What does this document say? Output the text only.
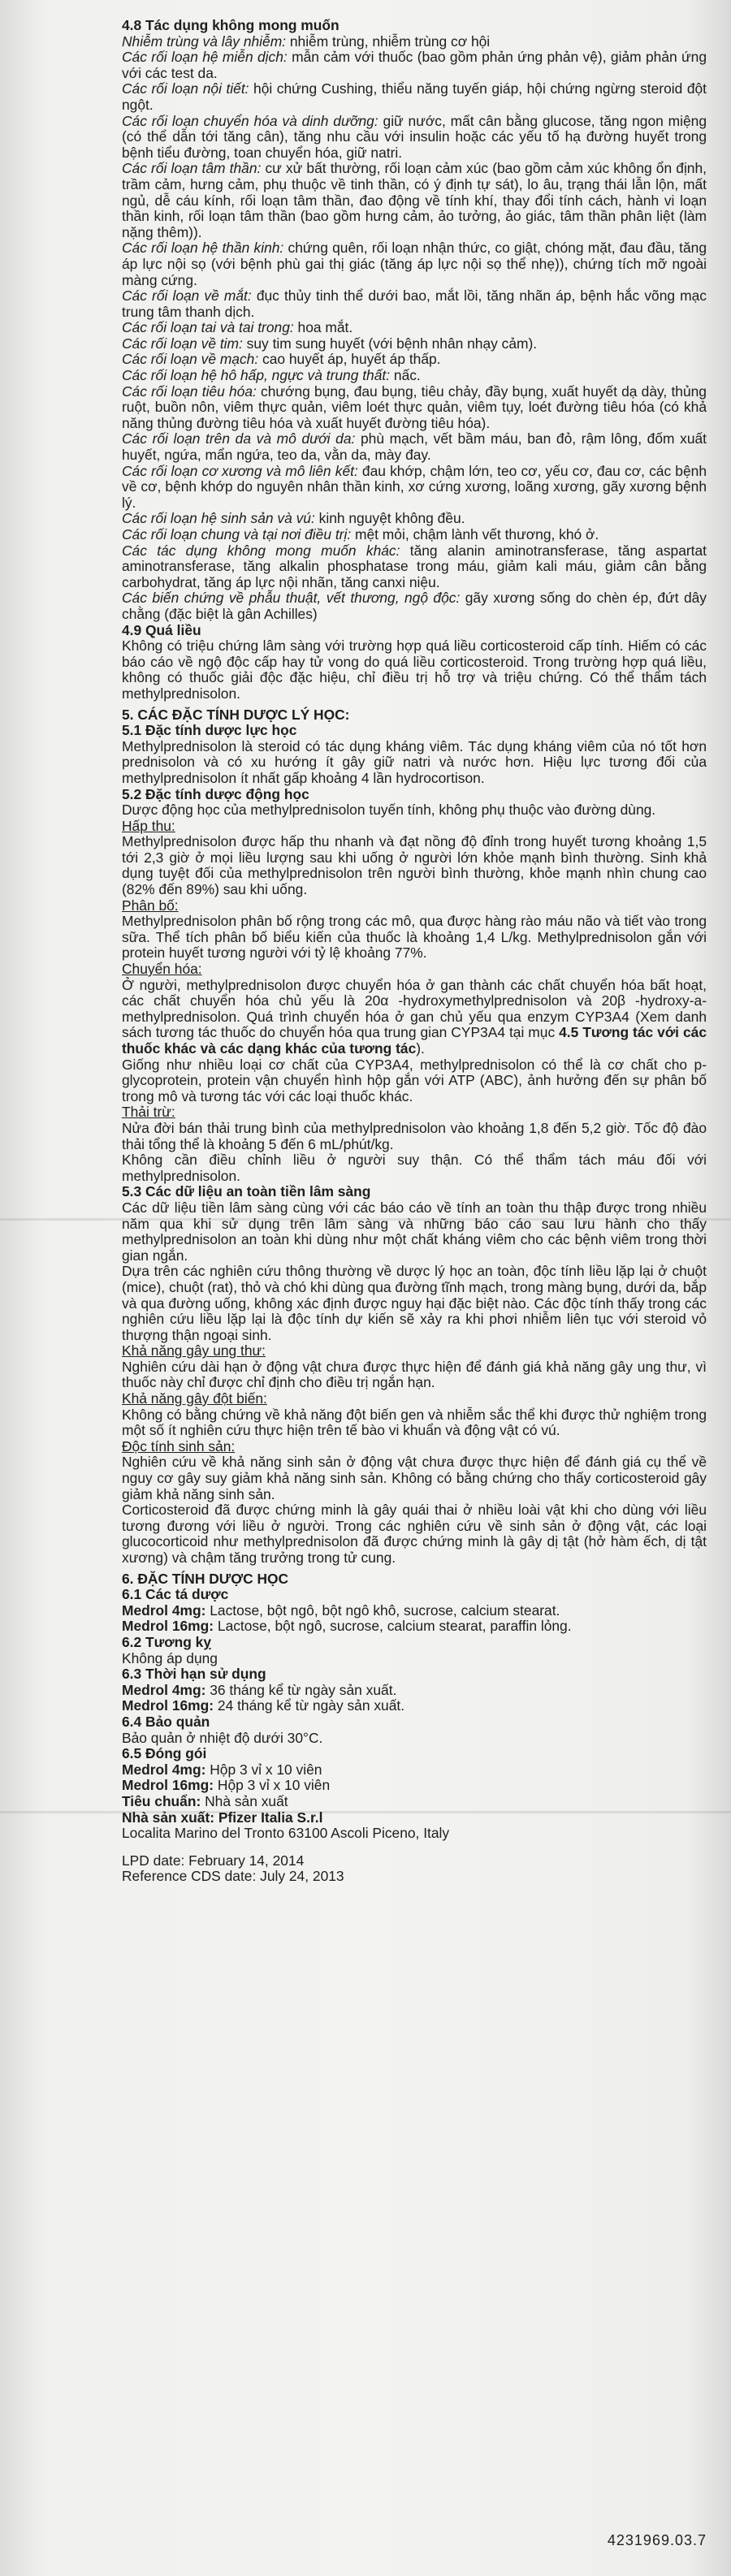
4.8 Tác dụng không mong muốn

Nhiễm trùng và lây nhiễm: nhiễm trùng, nhiễm trùng cơ hội

Các rối loạn hệ miễn dịch: mẫn cảm với thuốc (bao gồm phản ứng phản vệ), giảm phản ứng với các test da.

Các rối loạn nội tiết: hội chứng Cushing, thiểu năng tuyến giáp, hội chứng ngừng steroid đột ngột.

Các rối loạn chuyển hóa và dinh dưỡng: giữ nước, mất cân bằng glucose, tăng ngon miệng (có thể dẫn tới tăng cân), tăng nhu cầu với insulin hoặc các yếu tố hạ đường huyết trong bệnh tiểu đường, toan chuyển hóa, giữ natri.

Các rối loạn tâm thần: cư xử bất thường, rối loạn cảm xúc (bao gồm cảm xúc không ổn định, trầm cảm, hưng cảm, phụ thuộc về tinh thần, có ý định tự sát), lo âu, trạng thái lẫn lộn, mất ngủ, dễ cáu kính, rối loạn tâm thần, đao động về tính khí, thay đổi tính cách, hành vi loạn thần kinh, rối loạn tâm thần (bao gồm hưng cảm, ảo tưởng, ảo giác, tâm thần phân liệt (làm nặng thêm)).

Các rối loạn hệ thần kinh: chứng quên, rối loạn nhận thức, co giật, chóng mặt, đau đầu, tăng áp lực nội sọ (với bệnh phù gai thị giác (tăng áp lực nội sọ thể nhẹ)), chứng tích mỡ ngoài màng cứng.

Các rối loạn về mắt: đục thủy tinh thể dưới bao, mắt lồi, tăng nhãn áp, bệnh hắc võng mạc trung tâm thanh dịch.

Các rối loạn tai và tai trong: hoa mắt.

Các rối loạn về tim: suy tim sung huyết (với bệnh nhân nhạy cảm).

Các rối loạn về mạch: cao huyết áp, huyết áp thấp.

Các rối loạn hệ hô hấp, ngực và trung thất: nấc.

Các rối loạn tiêu hóa: chướng bụng, đau bụng, tiêu chảy, đầy bụng, xuất huyết dạ dày, thủng ruột, buồn nôn, viêm thực quản, viêm loét thực quản, viêm tụy, loét đường tiêu hóa (có khả năng thủng đường tiêu hóa và xuất huyết đường tiêu hóa).

Các rối loạn trên da và mô dưới da: phù mạch, vết bầm máu, ban đỏ, rậm lông, đốm xuất huyết, ngứa, mẩn ngứa, teo da, vằn da, mày đay.

Các rối loạn cơ xương và mô liên kết: đau khớp, chậm lớn, teo cơ, yếu cơ, đau cơ, các bệnh về cơ, bệnh khớp do nguyên nhân thần kinh, xơ cứng xương, loãng xương, gãy xương bệnh lý.

Các rối loạn hệ sinh sản và vú: kinh nguyệt không đều.

Các rối loạn chung và tại nơi điều trị: mệt mỏi, chậm lành vết thương, khó ở.

Các tác dụng không mong muốn khác: tăng alanin aminotransferase, tăng aspartat aminotransferase, tăng alkalin phosphatase trong máu, giảm kali máu, giảm cân bằng carbohydrat, tăng áp lực nội nhãn, tăng canxi niệu.

Các biến chứng về phẫu thuật, vết thương, ngộ độc: gãy xương sống do chèn ép, đứt dây chằng (đặc biệt là gân Achilles)

4.9 Quá liều

Không có triệu chứng lâm sàng với trường hợp quá liều corticosteroid cấp tính. Hiếm có các báo cáo về ngộ độc cấp hay tử vong do quá liều corticosteroid. Trong trường hợp quá liều, không có thuốc giải độc đặc hiệu, chỉ điều trị hỗ trợ và triệu chứng. Có thể thẩm tách methylprednisolon.

5. CÁC ĐẶC TÍNH DƯỢC LÝ HỌC:

5.1 Đặc tính dược lực học

Methylprednisolon là steroid có tác dụng kháng viêm. Tác dụng kháng viêm của nó tốt hơn prednisolon và có xu hướng ít gây giữ natri và nước hơn. Hiệu lực tương đối của methylprednisolon ít nhất gấp khoảng 4 lần hydrocortison.

5.2 Đặc tính dược động học

Dược động học của methylprednisolon tuyến tính, không phụ thuộc vào đường dùng.

Hấp thu:

Methylprednisolon được hấp thu nhanh và đạt nồng độ đỉnh trong huyết tương khoảng 1,5 tới 2,3 giờ ở mọi liều lượng sau khi uống ở người lớn khỏe mạnh bình thường. Sinh khả dụng tuyệt đối của methylprednisolon trên người bình thường, khỏe mạnh nhìn chung cao (82% đến 89%) sau khi uống.

Phân bố:

Methylprednisolon phân bố rộng trong các mô, qua được hàng rào máu não và tiết vào trong sữa. Thể tích phân bố biểu kiến của thuốc là khoảng 1,4 L/kg. Methylprednisolon gắn với protein huyết tương người với tỷ lệ khoảng 77%.

Chuyển hóa:

Ở người, methylprednisolon được chuyển hóa ở gan thành các chất chuyển hóa bất hoạt, các chất chuyển hóa chủ yếu là 20α -hydroxymethylprednisolon và 20β -hydroxy-a-methylprednisolon. Quá trình chuyển hóa ở gan chủ yếu qua enzym CYP3A4 (Xem danh sách tương tác thuốc do chuyển hóa qua trung gian CYP3A4 tại mục 4.5 Tương tác với các thuốc khác và các dạng khác của tương tác).

Giống như nhiều loại cơ chất của CYP3A4, methylprednisolon có thể là cơ chất cho p-glycoprotein, protein vận chuyển hình hộp gắn với ATP (ABC), ảnh hưởng đến sự phân bố trong mô và tương tác với các loại thuốc khác.

Thải trừ:

Nửa đời bán thải trung bình của methylprednisolon vào khoảng 1,8 đến 5,2 giờ. Tốc độ đào thải tổng thể là khoảng 5 đến 6 mL/phút/kg.

Không cần điều chỉnh liều ở người suy thận. Có thể thẩm tách máu đối với methylprednisolon.

5.3 Các dữ liệu an toàn tiền lâm sàng

Các dữ liệu tiền lâm sàng cùng với các báo cáo về tính an toàn thu thập được trong nhiều năm qua khi sử dụng trên lâm sàng và những báo cáo sau lưu hành cho thấy methylprednisolon an toàn khi dùng như một chất kháng viêm cho các bệnh viêm trong thời gian ngắn.

Dựa trên các nghiên cứu thông thường về dược lý học an toàn, độc tính liều lặp lại ở chuột (mice), chuột (rat), thỏ và chó khi dùng qua đường tĩnh mạch, trong màng bụng, dưới da, bắp và qua đường uống, không xác định được nguy hại đặc biệt nào. Các độc tính thấy trong các nghiên cứu liều lặp lại là độc tính dự kiến sẽ xảy ra khi phơi nhiễm liên tục với steroid vỏ thượng thận ngoại sinh.

Khả năng gây ung thư:

Nghiên cứu dài hạn ở động vật chưa được thực hiện để đánh giá khả năng gây ung thư, vì thuốc này chỉ được chỉ định cho điều trị ngắn hạn.

Khả năng gây đột biến:

Không có bằng chứng về khả năng đột biến gen và nhiễm sắc thể khi được thử nghiệm trong một số ít nghiên cứu thực hiện trên tế bào vi khuẩn và động vật có vú.

Độc tính sinh sản:

Nghiên cứu về khả năng sinh sản ở động vật chưa được thực hiện để đánh giá cụ thể về nguy cơ gây suy giảm khả năng sinh sản. Không có bằng chứng cho thấy corticosteroid gây giảm khả năng sinh sản.

Corticosteroid đã được chứng minh là gây quái thai ở nhiều loài vật khi cho dùng với liều tương đương với liều ở người. Trong các nghiên cứu về sinh sản ở động vật, các loại glucocorticoid như methylprednisolon đã được chứng minh là gây dị tật (hở hàm ếch, dị tật xương) và chậm tăng trưởng trong tử cung.

6. ĐẶC TÍNH DƯỢC HỌC

6.1 Các tá dược

Medrol 4mg: Lactose, bột ngô, bột ngô khô, sucrose, calcium stearat.

Medrol 16mg: Lactose, bột ngô, sucrose, calcium stearat, paraffin lỏng.

6.2 Tương kỵ

Không áp dụng

6.3 Thời hạn sử dụng

Medrol 4mg: 36 tháng kể từ ngày sản xuất.

Medrol 16mg: 24 tháng kể từ ngày sản xuất.

6.4 Bảo quản

Bảo quản ở nhiệt độ dưới 30°C.

6.5 Đóng gói

Medrol 4mg: Hộp 3 vỉ x 10 viên

Medrol 16mg: Hộp 3 vỉ x 10 viên

Tiêu chuẩn: Nhà sản xuất

Nhà sản xuất: Pfizer Italia S.r.l

Localita Marino del Tronto 63100 Ascoli Piceno, Italy

LPD date: February 14, 2014

Reference CDS date: July 24, 2013

4231969.03.7
